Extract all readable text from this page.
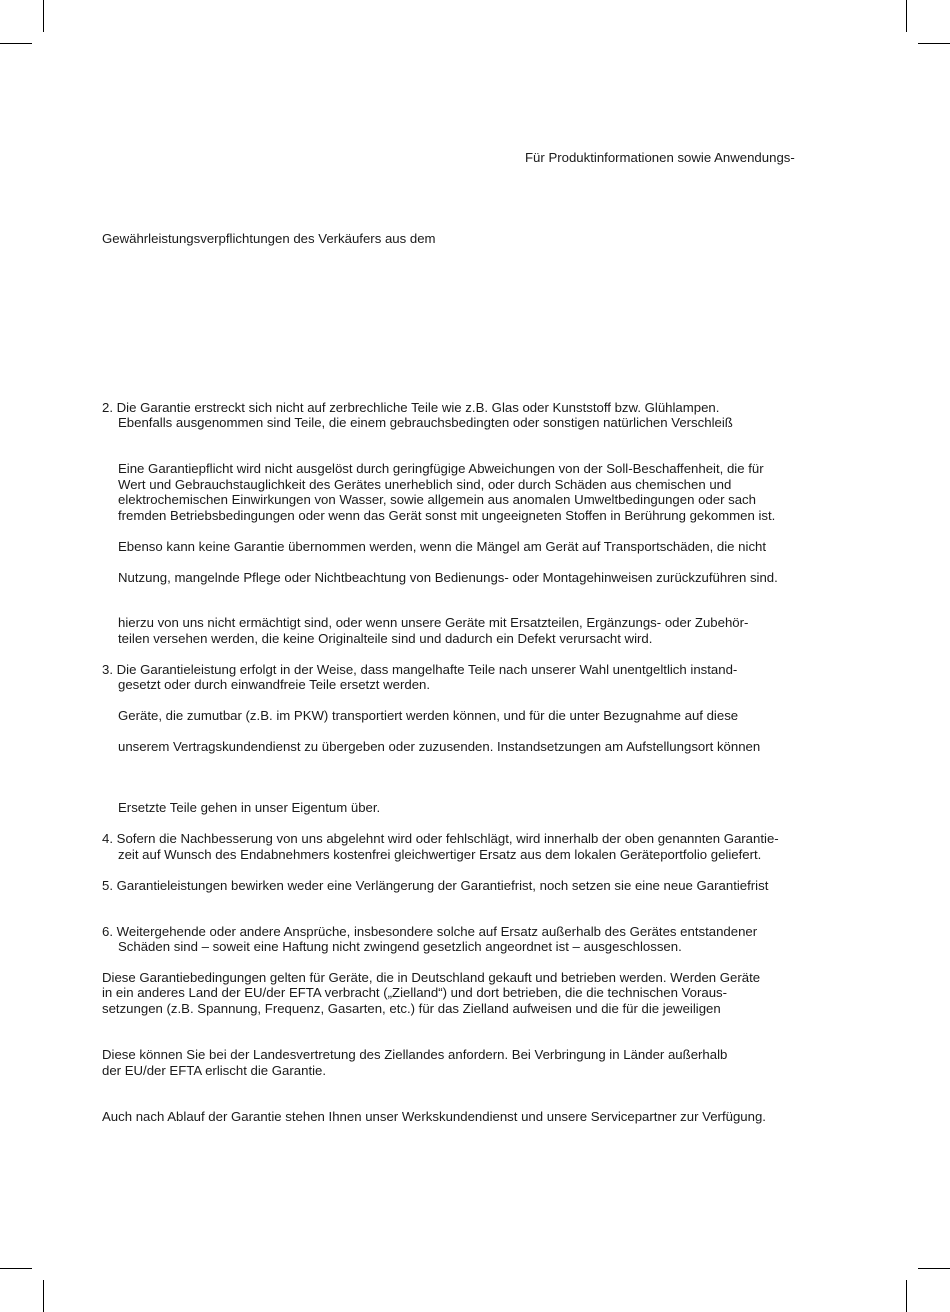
Für Produktinformationen sowie Anwendungs-

Gewährleistungsverpflichtungen des Verkäufers aus dem

2. Die Garantie erstreckt sich nicht auf zerbrechliche Teile wie z.B. Glas oder Kunststoff bzw. Glühlampen.

Ebenfalls ausgenommen sind Teile, die einem gebrauchsbedingten oder sonstigen natürlichen Verschleiß

Eine Garantiepflicht wird nicht ausgelöst durch geringfügige Abweichungen von der Soll-Beschaffenheit, die für

Wert und Gebrauchstauglichkeit des Gerätes unerheblich sind, oder durch Schäden aus chemischen und

elektrochemischen Einwirkungen von Wasser, sowie allgemein aus anomalen Umweltbedingungen oder sach

fremden Betriebsbedingungen oder wenn das Gerät sonst mit ungeeigneten Stoffen in Berührung gekommen ist.

Ebenso kann keine Garantie übernommen werden, wenn die Mängel am Gerät auf Transportschäden, die nicht

Nutzung, mangelnde Pflege oder Nichtbeachtung von Bedienungs- oder Montagehinweisen zurückzuführen sind.

hierzu von uns nicht ermächtigt sind, oder wenn unsere Geräte mit Ersatzteilen, Ergänzungs- oder Zubehör-

teilen versehen werden, die keine Originalteile sind und dadurch ein Defekt verursacht wird.

3. Die Garantieleistung erfolgt in der Weise, dass mangelhafte Teile nach unserer Wahl unentgeltlich instand-

gesetzt oder durch einwandfreie Teile ersetzt werden.

Geräte, die zumutbar (z.B. im PKW) transportiert werden können, und für die unter Bezugnahme auf diese

unserem Vertragskundendienst zu übergeben oder zuzusenden. Instandsetzungen am Aufstellungsort können

Ersetzte Teile gehen in unser Eigentum über.

4. Sofern die Nachbesserung von uns abgelehnt wird oder fehlschlägt, wird innerhalb der oben genannten Garantie-

zeit auf Wunsch des Endabnehmers kostenfrei gleichwertiger Ersatz aus dem lokalen Geräteportfolio geliefert.

5. Garantieleistungen bewirken weder eine Verlängerung der Garantiefrist, noch setzen sie eine neue Garantiefrist

6. Weitergehende oder andere Ansprüche, insbesondere solche auf Ersatz außerhalb des Gerätes entstandener

Schäden sind – soweit eine Haftung nicht zwingend gesetzlich angeordnet ist – ausgeschlossen.

Diese Garantiebedingungen gelten für Geräte, die in Deutschland gekauft und betrieben werden. Werden Geräte

in ein anderes Land der EU/der EFTA verbracht („Zielland“) und dort betrieben, die die technischen Voraus-

setzungen (z.B. Spannung, Frequenz, Gasarten, etc.) für das Zielland aufweisen und die für die jeweiligen

Diese können Sie bei der Landesvertretung des Ziellandes anfordern. Bei Verbringung in Länder außerhalb

der EU/der EFTA erlischt die Garantie.

Auch nach Ablauf der Garantie stehen Ihnen unser Werkskundendienst und unsere Servicepartner zur Verfügung.
